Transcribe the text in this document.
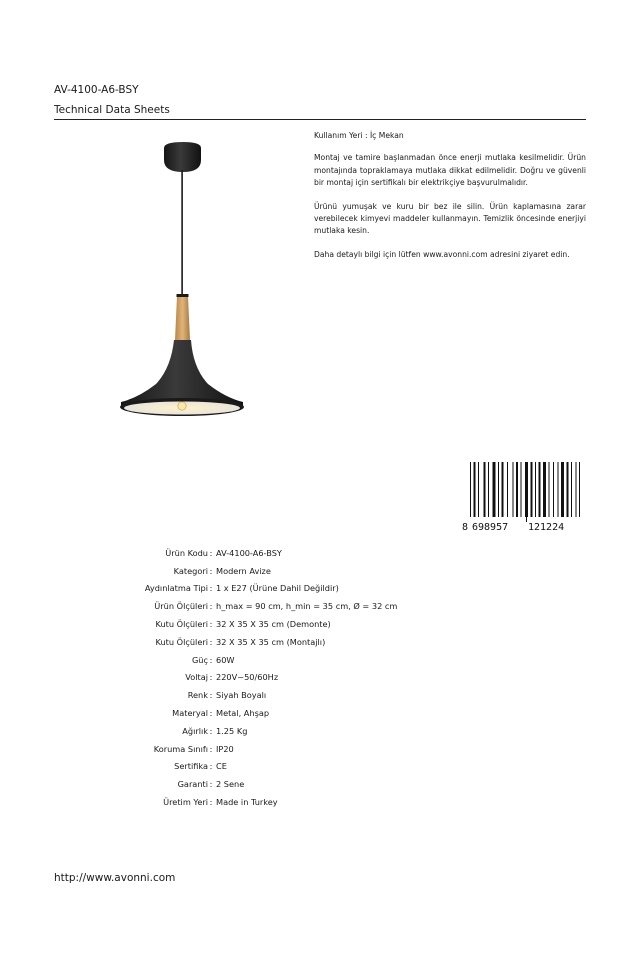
AV-4100-A6-BSY
Technical Data Sheets

Kullanım Yeri : İç Mekan

Montaj ve tamire başlanmadan önce enerji mutlaka kesilmelidir. Ürün montajında topraklamaya mutlaka dikkat edilmelidir. Doğru ve güvenli bir montaj için sertifikalı bir elektrikçiye başvurulmalıdır.

Ürünü yumuşak ve kuru bir bez ile silin. Ürün kaplamasına zarar verebilecek kimyevi maddeler kullanmayın. Temizlik öncesinde enerjiyi mutlaka kesin.

Daha detaylı bilgi için lütfen www.avonni.com adresini ziyaret edin.

8 698957 121224
Ürün Kodu : AV-4100-A6-BSY
Kategori : Modern Avize
Aydınlatma Tipi : 1 x E27 (Ürüne Dahil Değildir)
Ürün Ölçüleri : h_max = 90 cm, h_min = 35 cm, Ø = 32 cm
Kutu Ölçüleri : 32 X 35 X 35 cm (Demonte)
Kutu Ölçüleri : 32 X 35 X 35 cm (Montajlı)
Güç : 60W
Voltaj : 220V~50/60Hz
Renk : Siyah Boyalı
Materyal : Metal, Ahşap
Ağırlık : 1.25 Kg
Koruma Sınıfı : IP20
Sertifika : CE
Garanti : 2 Sene
Üretim Yeri : Made in Turkey
http://www.avonni.com
